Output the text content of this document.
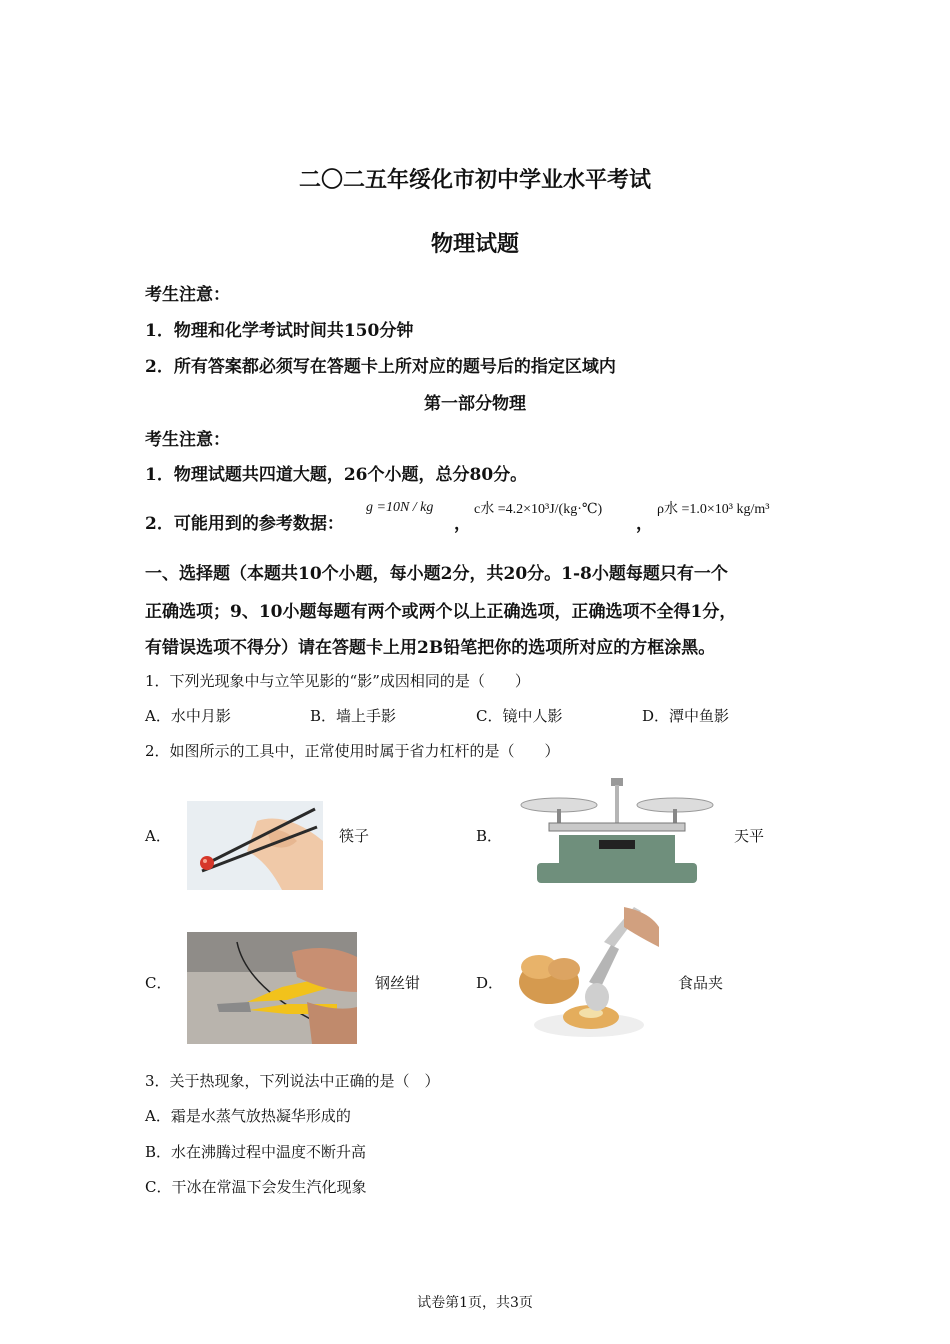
二〇二五年绥化市初中学业水平考试
物理试题
考生注意：
1．物理和化学考试时间共150分钟
2．所有答案都必须写在答题卡上所对应的题号后的指定区域内
第一部分物理
考生注意：
1．物理试题共四道大题，26个小题，总分80分。
2．可能用到的参考数据：
g =10N / kg
，
c水 =4.2×10³J/(kg·℃)
，
ρ水 =1.0×10³ kg/m³
一、选择题（本题共10个小题，每小题2分，共20分。1-8小题每题只有一个
正确选项；9、10小题每题有两个或两个以上正确选项，正确选项不全得1分，
有错误选项不得分）请在答题卡上用2B铅笔把你的选项所对应的方框涂黑。
1．下列光现象中与立竿见影的“影”成因相同的是（　　）
A．水中月影	B．墙上手影	C．镜中人影	D．潭中鱼影
2．如图所示的工具中，正常使用时属于省力杠杆的是（　　）
A．	筷子	B．	天平
C．	钢丝钳	D．	食品夹
3．关于热现象，下列说法中正确的是（　）
A．霜是水蒸气放热凝华形成的
B．水在沸腾过程中温度不断升高
C．干冰在常温下会发生汽化现象
试卷第1页，共3页
